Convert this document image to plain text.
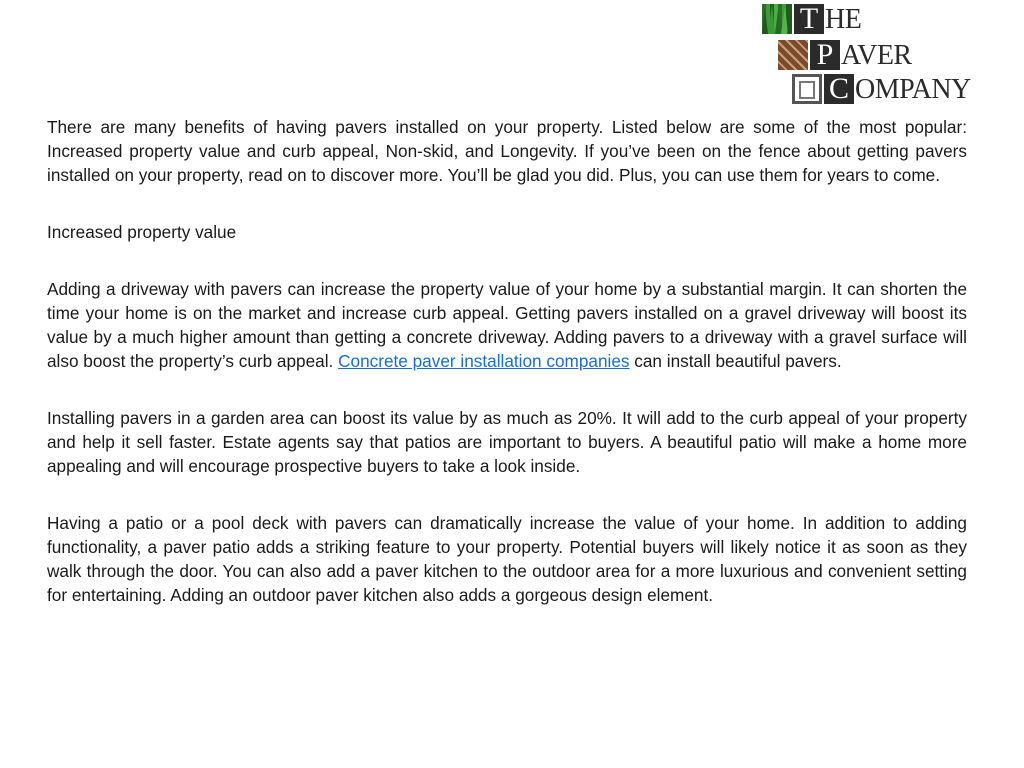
T HE
P AVER
C OMPANY

There are many benefits of having pavers installed on your property. Listed below are some of the most popular: Increased property value and curb appeal, Non-skid, and Longevity. If you’ve been on the fence about getting pavers installed on your property, read on to discover more. You’ll be glad you did. Plus, you can use them for years to come.

Increased property value

Adding a driveway with pavers can increase the property value of your home by a substantial margin. It can shorten the time your home is on the market and increase curb appeal. Getting pavers installed on a gravel driveway will boost its value by a much higher amount than getting a concrete driveway. Adding pavers to a driveway with a gravel surface will also boost the property’s curb appeal. Concrete paver installation companies can install beautiful pavers.

Installing pavers in a garden area can boost its value by as much as 20%. It will add to the curb appeal of your property and help it sell faster. Estate agents say that patios are important to buyers. A beautiful patio will make a home more appealing and will encourage prospective buyers to take a look inside.

Having a patio or a pool deck with pavers can dramatically increase the value of your home. In addition to adding functionality, a paver patio adds a striking feature to your property. Potential buyers will likely notice it as soon as they walk through the door. You can also add a paver kitchen to the outdoor area for a more luxurious and convenient setting for entertaining. Adding an outdoor paver kitchen also adds a gorgeous design element.
